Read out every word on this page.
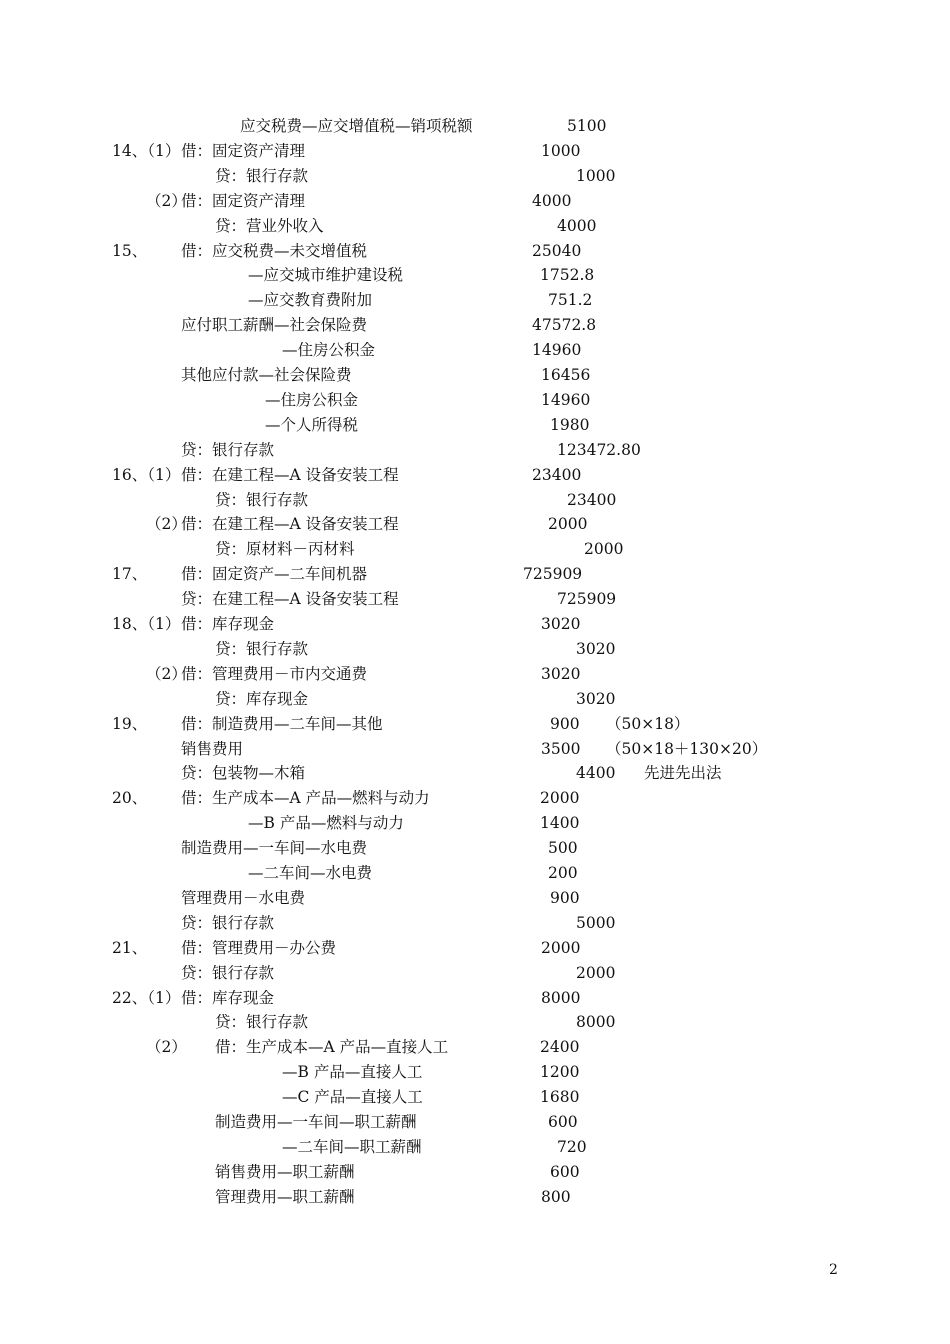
应交税费—应交增值税—销项税额	5100
14、（1） 借：固定资产清理	1000
贷：银行存款	1000
（2）
借：固定资产清理	4000
贷：营业外收入	4000
15、 借：应交税费—未交增值税	25040
—应交城市维护建设税	1752.8
—应交教育费附加	751.2
应付职工薪酬—社会保险费	47572.8
—住房公积金	14960
其他应付款—社会保险费	16456
—住房公积金	14960
—个人所得税	1980
贷：银行存款	123472.80
16、（1） 借：在建工程—A 设备安装工程	23400
贷：银行存款	23400
（2）
借：在建工程—A 设备安装工程	2000
贷：原材料－丙材料	2000
17、 借：固定资产—二车间机器	725909
贷：在建工程—A 设备安装工程	725909
18、（1） 借：库存现金	3020
贷：银行存款	3020
（2）
借：管理费用－市内交通费	3020
贷：库存现金	3020
19、 借：制造费用—二车间—其他	900 （50×18）
销售费用	3500 （50×18＋130×20）
贷：包装物—木箱	4400 先进先出法
20、 借：生产成本—A 产品—燃料与动力	2000
—B 产品—燃料与动力	1400
制造费用—一车间—水电费	500
—二车间—水电费	200
管理费用－水电费	900
贷：银行存款	5000
21、 借：管理费用－办公费	2000
贷：银行存款	2000
22、（1） 借：库存现金	8000
贷：银行存款	8000
（2） 借：生产成本—A 产品—直接人工	2400
—B 产品—直接人工	1200
—C 产品—直接人工	1680
制造费用—一车间—职工薪酬	600
—二车间—职工薪酬	720
销售费用—职工薪酬	600
管理费用—职工薪酬	800
2
